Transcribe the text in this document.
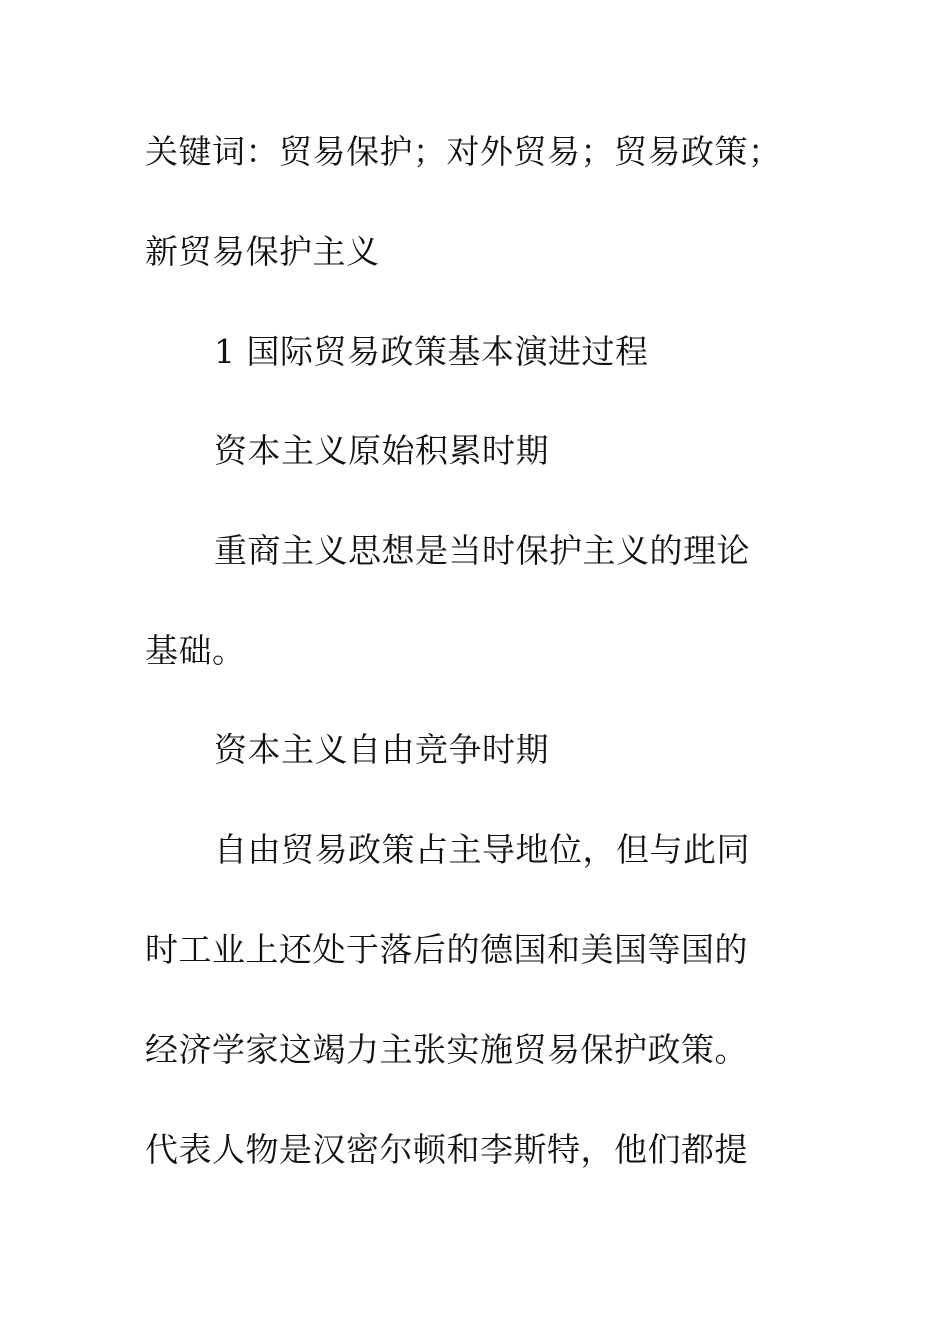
关键词：贸易保护；对外贸易；贸易政策；
新贸易保护主义
1 国际贸易政策基本演进过程
资本主义原始积累时期
重商主义思想是当时保护主义的理论
基础。
资本主义自由竞争时期
自由贸易政策占主导地位，但与此同
时工业上还处于落后的德国和美国等国的
经济学家这竭力主张实施贸易保护政策。
代表人物是汉密尔顿和李斯特，他们都提
